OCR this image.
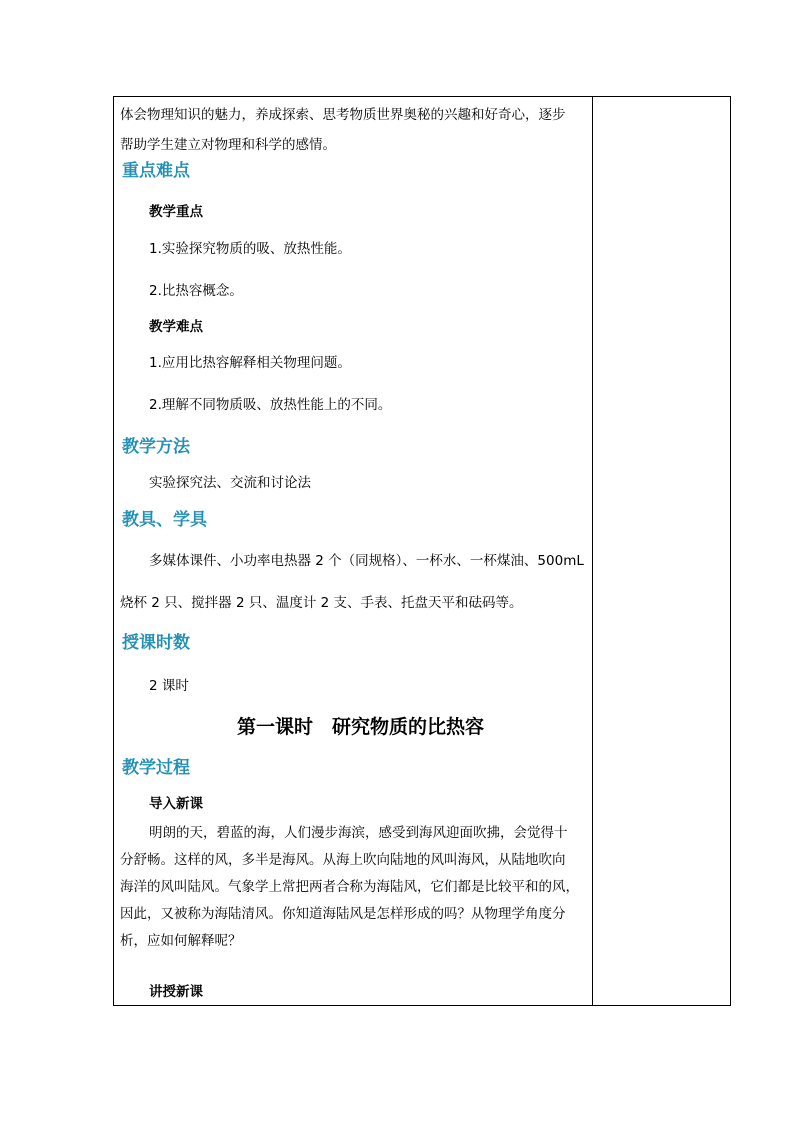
体会物理知识的魅力，养成探索、思考物质世界奥秘的兴趣和好奇心，逐步
帮助学生建立对物理和科学的感情。
重点难点
教学重点
1.实验探究物质的吸、放热性能。
2.比热容概念。
教学难点
1.应用比热容解释相关物理问题。
2.理解不同物质吸、放热性能上的不同。
教学方法
实验探究法、交流和讨论法
教具、学具
多媒体课件、小功率电热器 2 个（同规格）、一杯水、一杯煤油、500mL
烧杯 2 只、搅拌器 2 只、温度计 2 支、手表、托盘天平和砝码等。
授课时数
2 课时
第一课时　研究物质的比热容
教学过程
导入新课
明朗的天，碧蓝的海，人们漫步海滨，感受到海风迎面吹拂，会觉得十
分舒畅。这样的风，多半是海风。从海上吹向陆地的风叫海风，从陆地吹向
海洋的风叫陆风。气象学上常把两者合称为海陆风，它们都是比较平和的风，
因此，又被称为海陆清风。你知道海陆风是怎样形成的吗？从物理学角度分
析，应如何解释呢？
讲授新课
